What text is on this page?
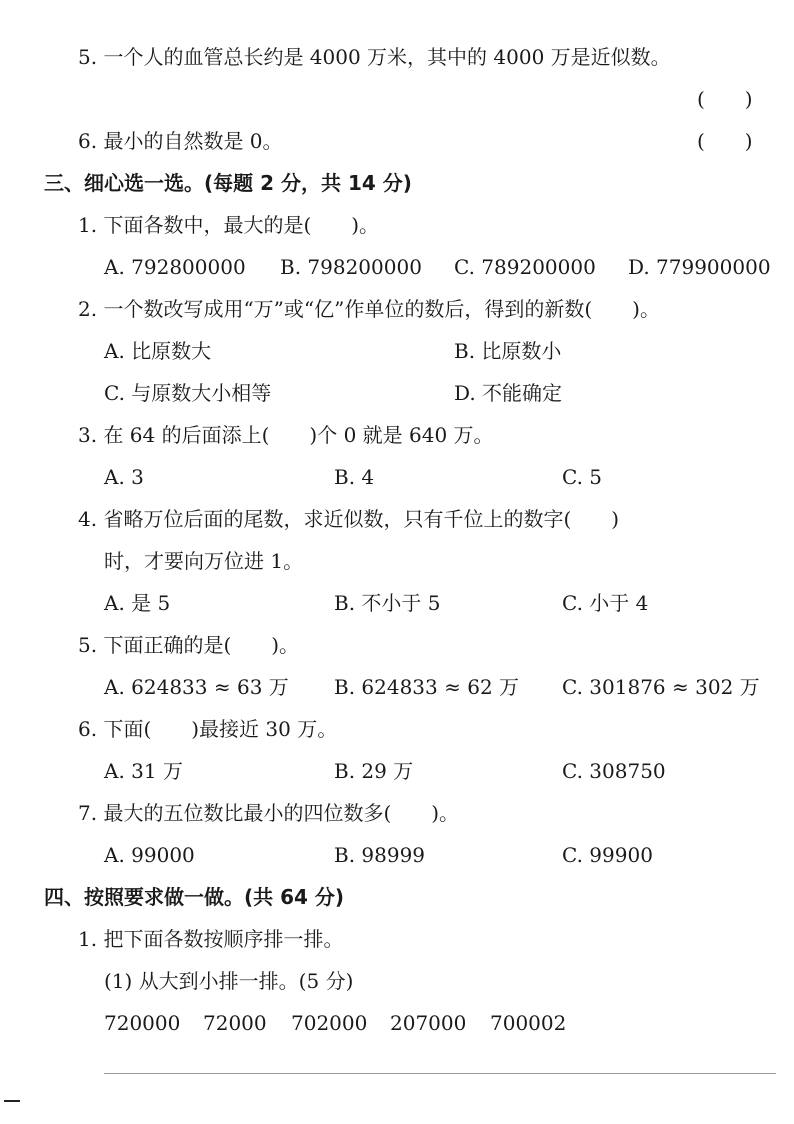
5. 一个人的血管总长约是 4000 万米，其中的 4000 万是近似数。
(　　)
6. 最小的自然数是 0。	(　　)
三、细心选一选。(每题 2 分，共 14 分)
1. 下面各数中，最大的是(　　)。
A. 792800000 B. 798200000 C. 789200000 D. 779900000
2. 一个数改写成用“万”或“亿”作单位的数后，得到的新数(　　)。
A. 比原数大	B. 比原数小
C. 与原数大小相等	D. 不能确定
3. 在 64 的后面添上(　　)个 0 就是 640 万。
A. 3	B. 4	C. 5
4. 省略万位后面的尾数，求近似数，只有千位上的数字(　　)
时，才要向万位进 1。
A. 是 5	B. 不小于 5	C. 小于 4
5. 下面正确的是(　　)。
A. 624833 ≈ 63 万 B. 624833 ≈ 62 万 C. 301876 ≈ 302 万
6. 下面(　　)最接近 30 万。
A. 31 万	B. 29 万	C. 308750
7. 最大的五位数比最小的四位数多(　　)。
A. 99000	B. 98999	C. 99900
四、按照要求做一做。(共 64 分)
1. 把下面各数按顺序排一排。
(1) 从大到小排一排。(5 分)
720000 72000 702000 207000 700002
